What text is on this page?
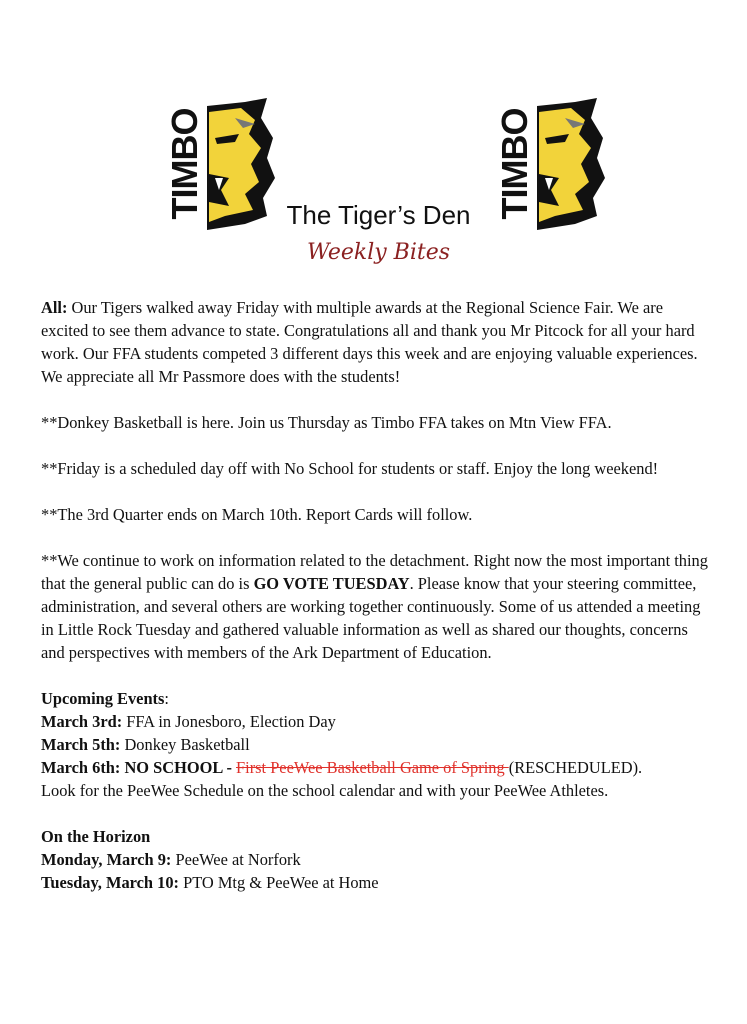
TIMBO	TIMBO
The Tiger’s Den
Weekly Bites

All: Our Tigers walked away Friday with multiple awards at the Regional Science Fair. We are excited to see them advance to state. Congratulations all and thank you Mr Pitcock for all your hard work. Our FFA students competed 3 different days this week and are enjoying valuable experiences. We appreciate all Mr Passmore does with the students!

**Donkey Basketball is here. Join us Thursday as Timbo FFA takes on Mtn View FFA.

**Friday is a scheduled day off with No School for students or staff. Enjoy the long weekend!

**The 3rd Quarter ends on March 10th. Report Cards will follow.

**We continue to work on information related to the detachment. Right now the most important thing that the general public can do is GO VOTE TUESDAY. Please know that your steering committee, administration, and several others are working together continuously. Some of us attended a meeting in Little Rock Tuesday and gathered valuable information as well as shared our thoughts, concerns and perspectives with members of the Ark Department of Education.

Upcoming Events:
March 3rd: FFA in Jonesboro, Election Day
March 5th: Donkey Basketball
March 6th: NO SCHOOL - First PeeWee Basketball Game of Spring (RESCHEDULED).
Look for the PeeWee Schedule on the school calendar and with your PeeWee Athletes.

On the Horizon
Monday, March 9: PeeWee at Norfork
Tuesday, March 10: PTO Mtg & PeeWee at Home
